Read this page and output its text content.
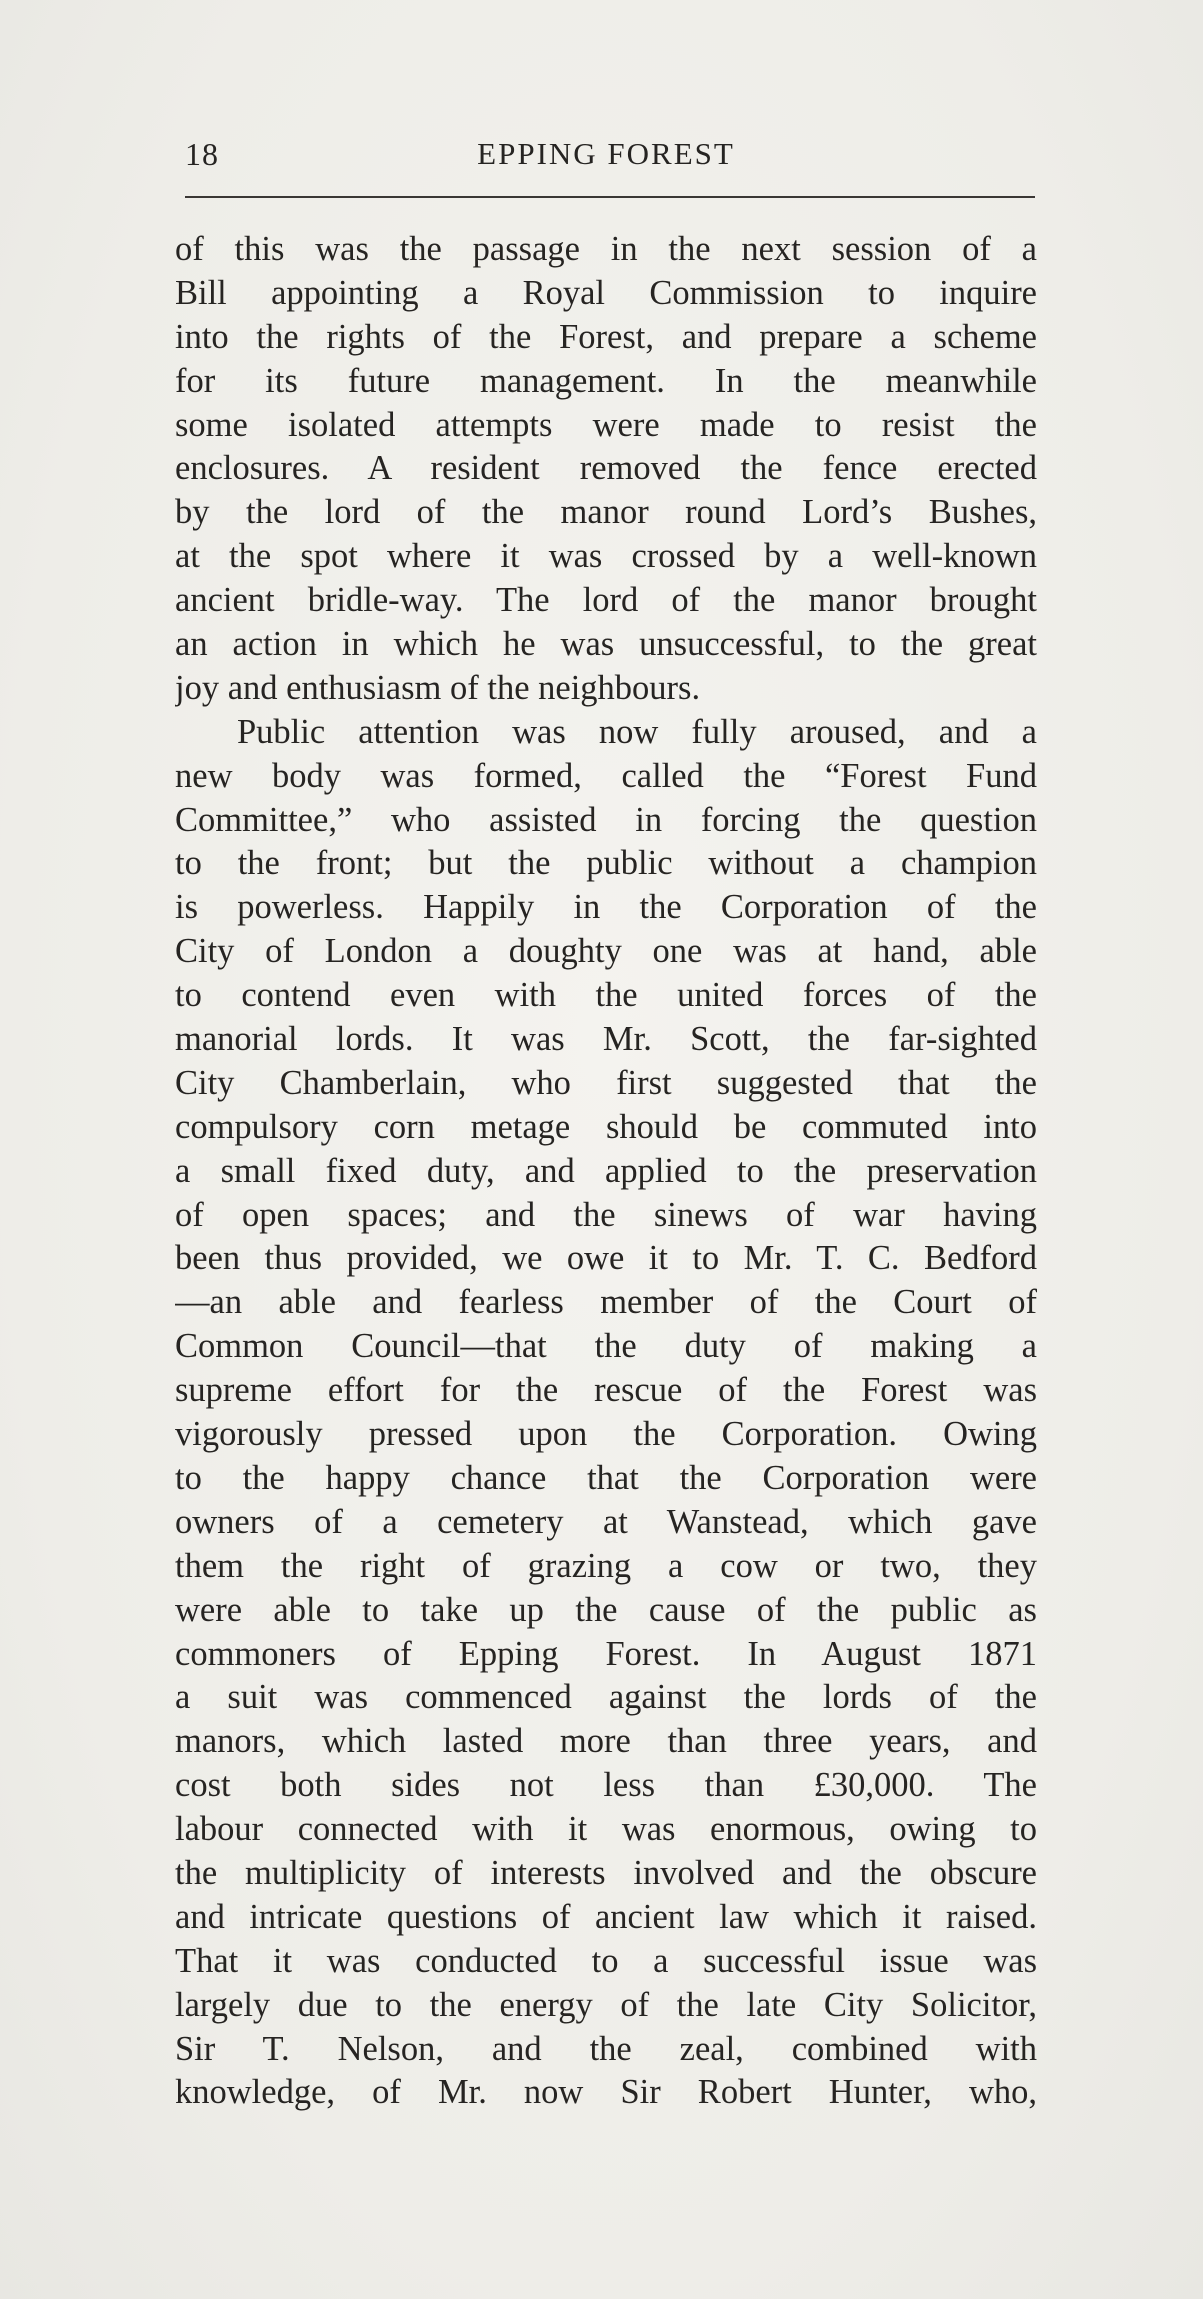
18	EPPING FOREST
of this was the passage in the next session of a
Bill appointing a Royal Commission to inquire
into the rights of the Forest, and prepare a scheme
for its future management. In the meanwhile
some isolated attempts were made to resist the
enclosures. A resident removed the fence erected
by the lord of the manor round Lord’s Bushes,
at the spot where it was crossed by a well-known
ancient bridle-way. The lord of the manor brought
an action in which he was unsuccessful, to the great
joy and enthusiasm of the neighbours.
Public attention was now fully aroused, and a
new body was formed, called the “Forest Fund
Committee,” who assisted in forcing the question
to the front; but the public without a champion
is powerless. Happily in the Corporation of the
City of London a doughty one was at hand, able
to contend even with the united forces of the
manorial lords. It was Mr. Scott, the far-sighted
City Chamberlain, who first suggested that the
compulsory corn metage should be commuted into
a small fixed duty, and applied to the preservation
of open spaces; and the sinews of war having
been thus provided, we owe it to Mr. T. C. Bedford
—an able and fearless member of the Court of
Common Council—that the duty of making a
supreme effort for the rescue of the Forest was
vigorously pressed upon the Corporation. Owing
to the happy chance that the Corporation were
owners of a cemetery at Wanstead, which gave
them the right of grazing a cow or two, they
were able to take up the cause of the public as
commoners of Epping Forest. In August 1871
a suit was commenced against the lords of the
manors, which lasted more than three years, and
cost both sides not less than £30,000. The
labour connected with it was enormous, owing to
the multiplicity of interests involved and the obscure
and intricate questions of ancient law which it raised.
That it was conducted to a successful issue was
largely due to the energy of the late City Solicitor,
Sir T. Nelson, and the zeal, combined with
knowledge, of Mr. now Sir Robert Hunter, who,
